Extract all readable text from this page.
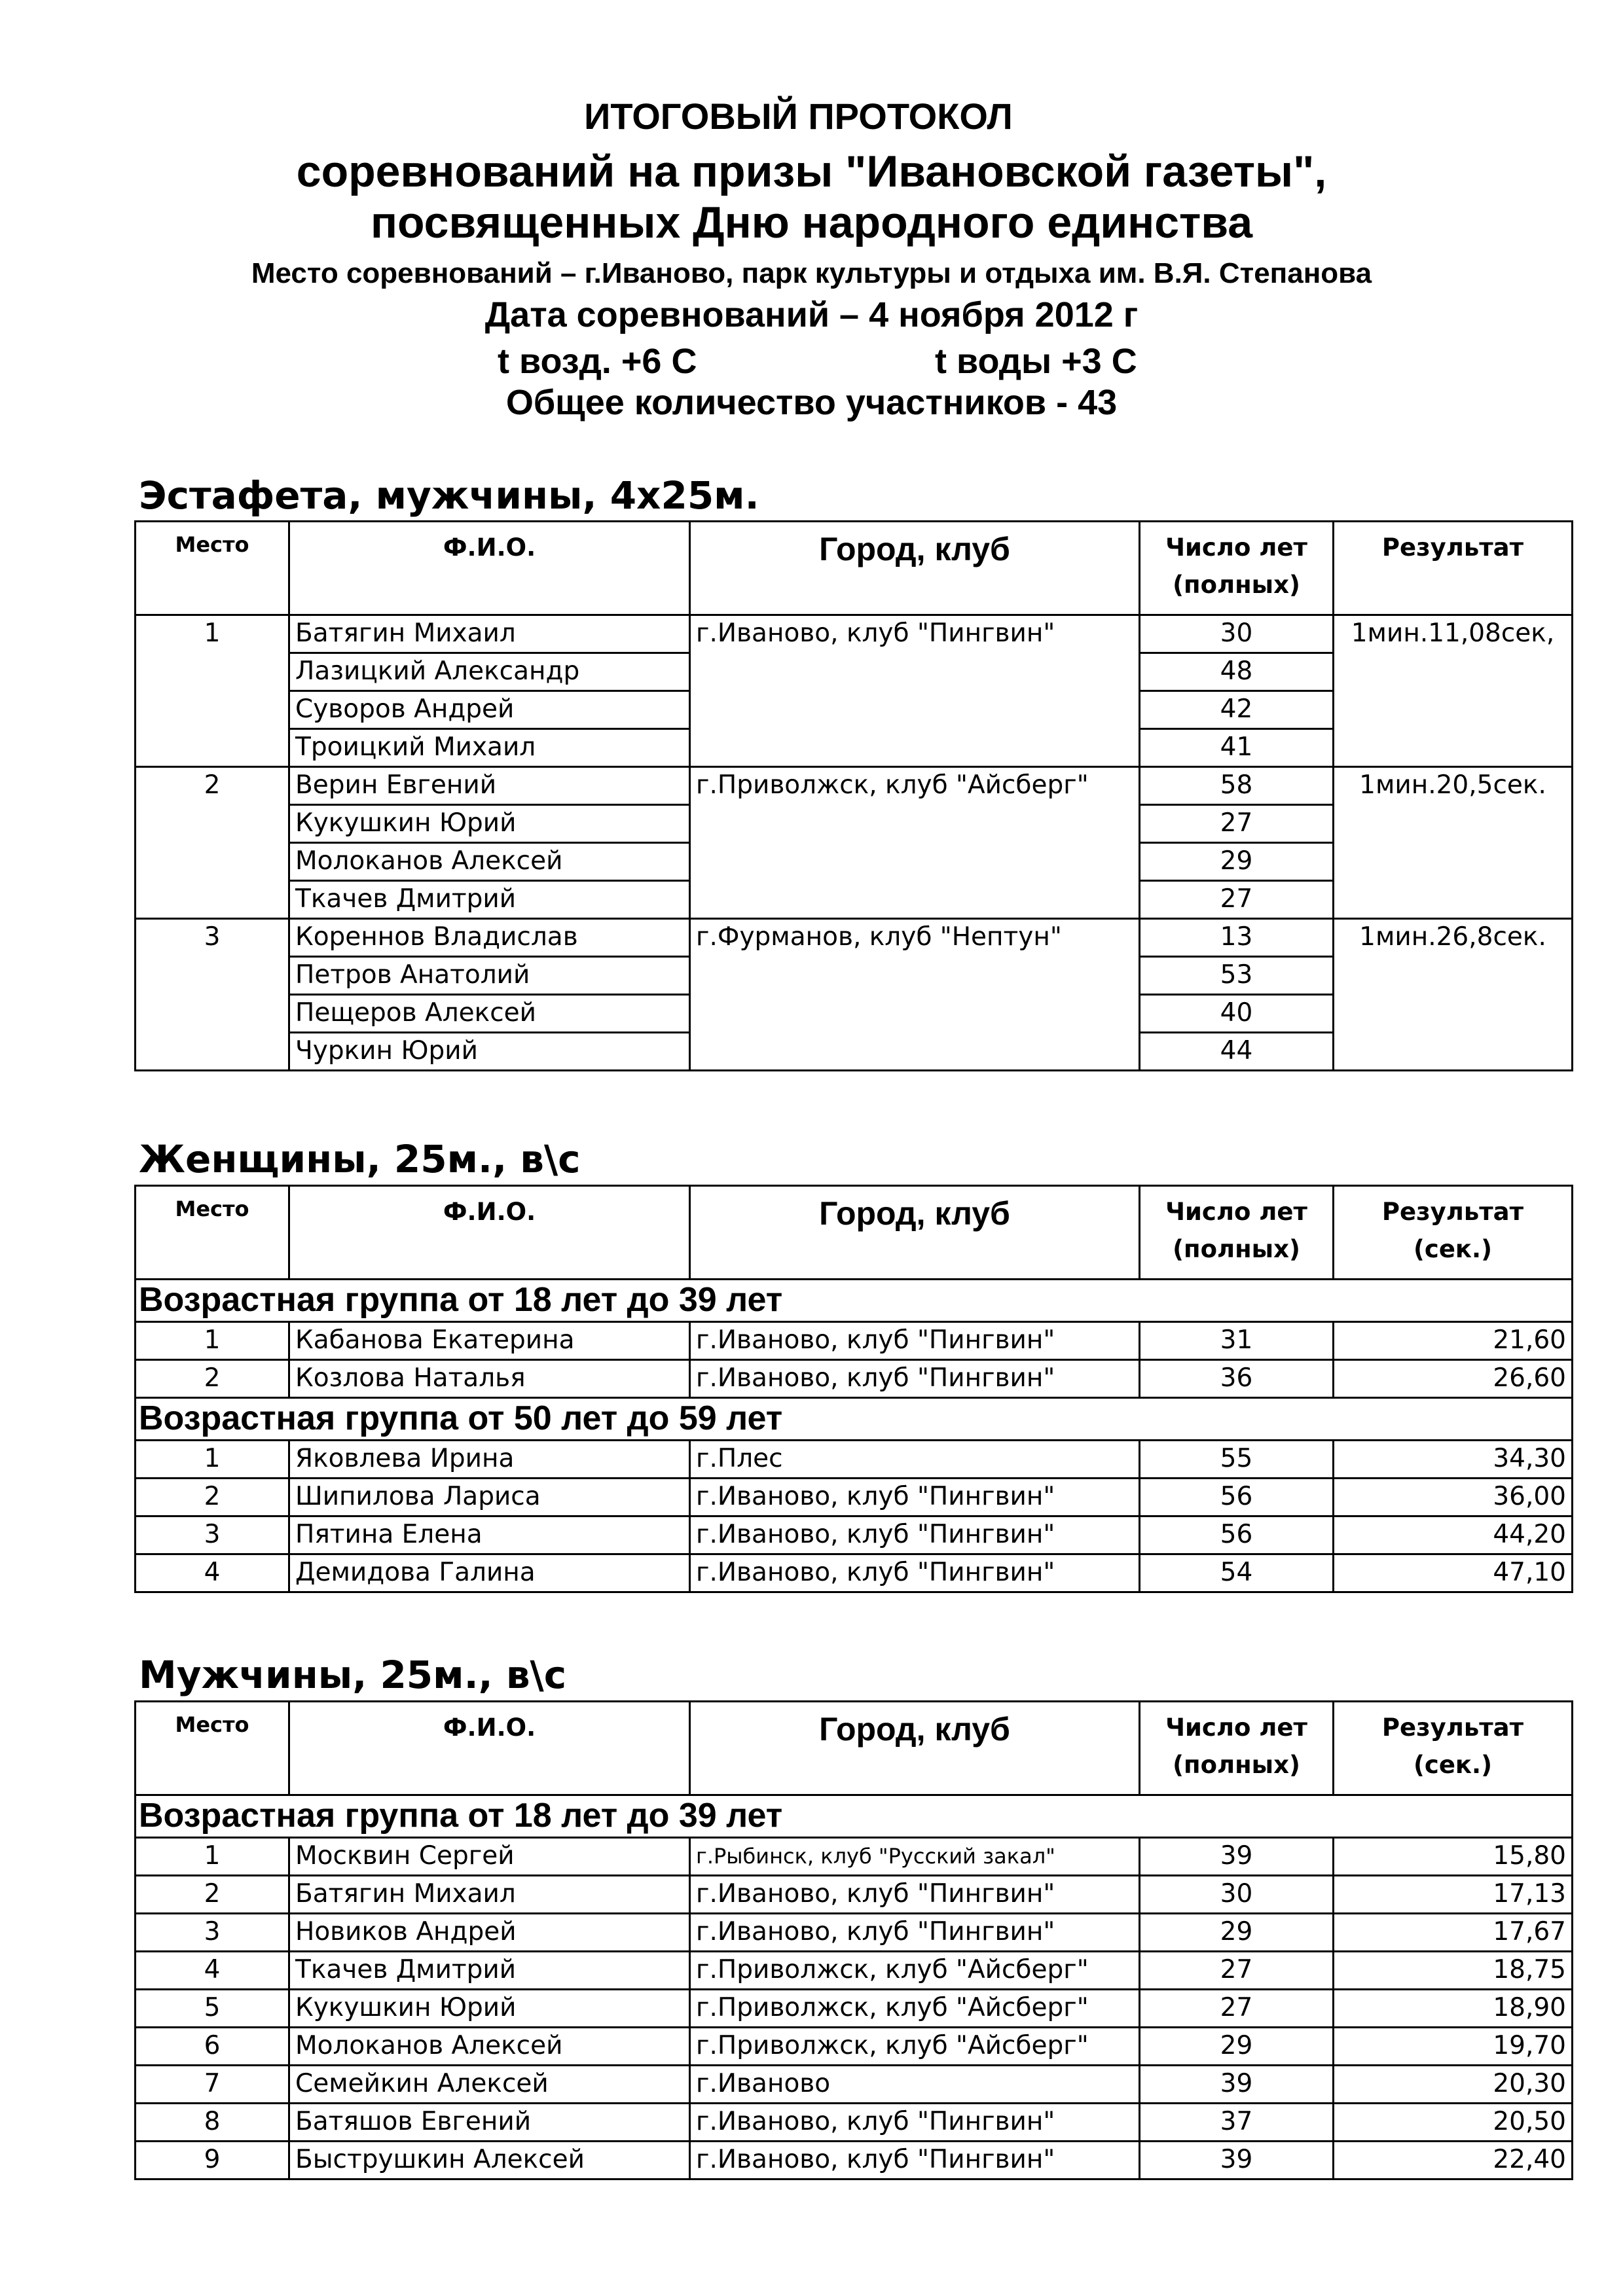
ИТОГОВЫЙ ПРОТОКОЛ
соревнований на призы "Ивановской газеты",
посвященных Дню народного единства
Место соревнований – г.Иваново, парк культуры и отдыха им. В.Я. Степанова
Дата соревнований – 4 ноября 2012 г
t возд. +6 С	t воды +3 С
Общее количество участников - 43
Эстафета, мужчины, 4х25м.
Место	Ф.И.О.	Город, клуб	Число лет (полных)	Результат
1	Батягин Михаил	г.Иваново, клуб "Пингвин"	30	1мин.11,08сек,
	Лазицкий Александр		48	
	Суворов Андрей		42	
	Троицкий Михаил		41	
2	Верин Евгений	г.Приволжск, клуб "Айсберг"	58	1мин.20,5сек.
	Кукушкин Юрий		27	
	Молоканов Алексей		29	
	Ткачев Дмитрий		27	
3	Кореннов Владислав	г.Фурманов, клуб "Нептун"	13	1мин.26,8сек.
	Петров Анатолий		53	
	Пещеров Алексей		40	
	Чуркин Юрий		44	
Женщины, 25м., в\с
Место	Ф.И.О.	Город, клуб	Число лет (полных)	Результат (сек.)
Возрастная группа от 18 лет до 39 лет				
1	Кабанова Екатерина	г.Иваново, клуб "Пингвин"	31	21,60
2	Козлова Наталья	г.Иваново, клуб "Пингвин"	36	26,60
Возрастная группа от 50 лет до 59 лет				
1	Яковлева Ирина	г.Плес	55	34,30
2	Шипилова Лариса	г.Иваново, клуб "Пингвин"	56	36,00
3	Пятина Елена	г.Иваново, клуб "Пингвин"	56	44,20
4	Демидова Галина	г.Иваново, клуб "Пингвин"	54	47,10
Мужчины, 25м., в\с
Место	Ф.И.О.	Город, клуб	Число лет (полных)	Результат (сек.)
Возрастная группа от 18 лет до 39 лет				
1	Москвин Сергей	г.Рыбинск, клуб "Русский закал"	39	15,80
2	Батягин Михаил	г.Иваново, клуб "Пингвин"	30	17,13
3	Новиков Андрей	г.Иваново, клуб "Пингвин"	29	17,67
4	Ткачев Дмитрий	г.Приволжск, клуб "Айсберг"	27	18,75
5	Кукушкин Юрий	г.Приволжск, клуб "Айсберг"	27	18,90
6	Молоканов Алексей	г.Приволжск, клуб "Айсберг"	29	19,70
7	Семейкин Алексей	г.Иваново	39	20,30
8	Батяшов Евгений	г.Иваново, клуб "Пингвин"	37	20,50
9	Быструшкин Алексей	г.Иваново, клуб "Пингвин"	39	22,40
